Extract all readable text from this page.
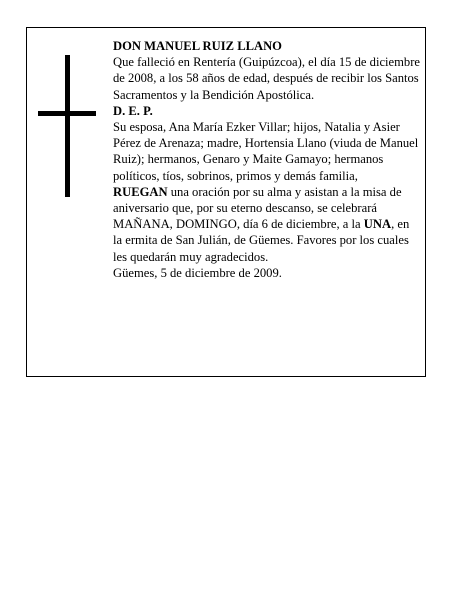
DON MANUEL RUIZ LLANO

Que falleció en Rentería (Guipúzcoa), el día 15 de diciembre de 2008, a los 58 años de edad, después de recibir los Santos Sacramentos y la Bendición Apostólica.

D. E. P.

Su esposa, Ana María Ezker Villar; hijos, Natalia y Asier Pérez de Arenaza; madre, Hortensia Llano (viuda de Manuel Ruiz); hermanos, Genaro y Maite Gamayo; hermanos políticos, tíos, sobrinos, primos y demás familia,

RUEGAN una oración por su alma y asistan a la misa de aniversario que, por su eterno descanso, se celebrará MAÑANA, DOMINGO, día 6 de diciembre, a la UNA, en la ermita de San Julián, de Güemes. Favores por los cuales les quedarán muy agradecidos.

Güemes, 5 de diciembre de 2009.
